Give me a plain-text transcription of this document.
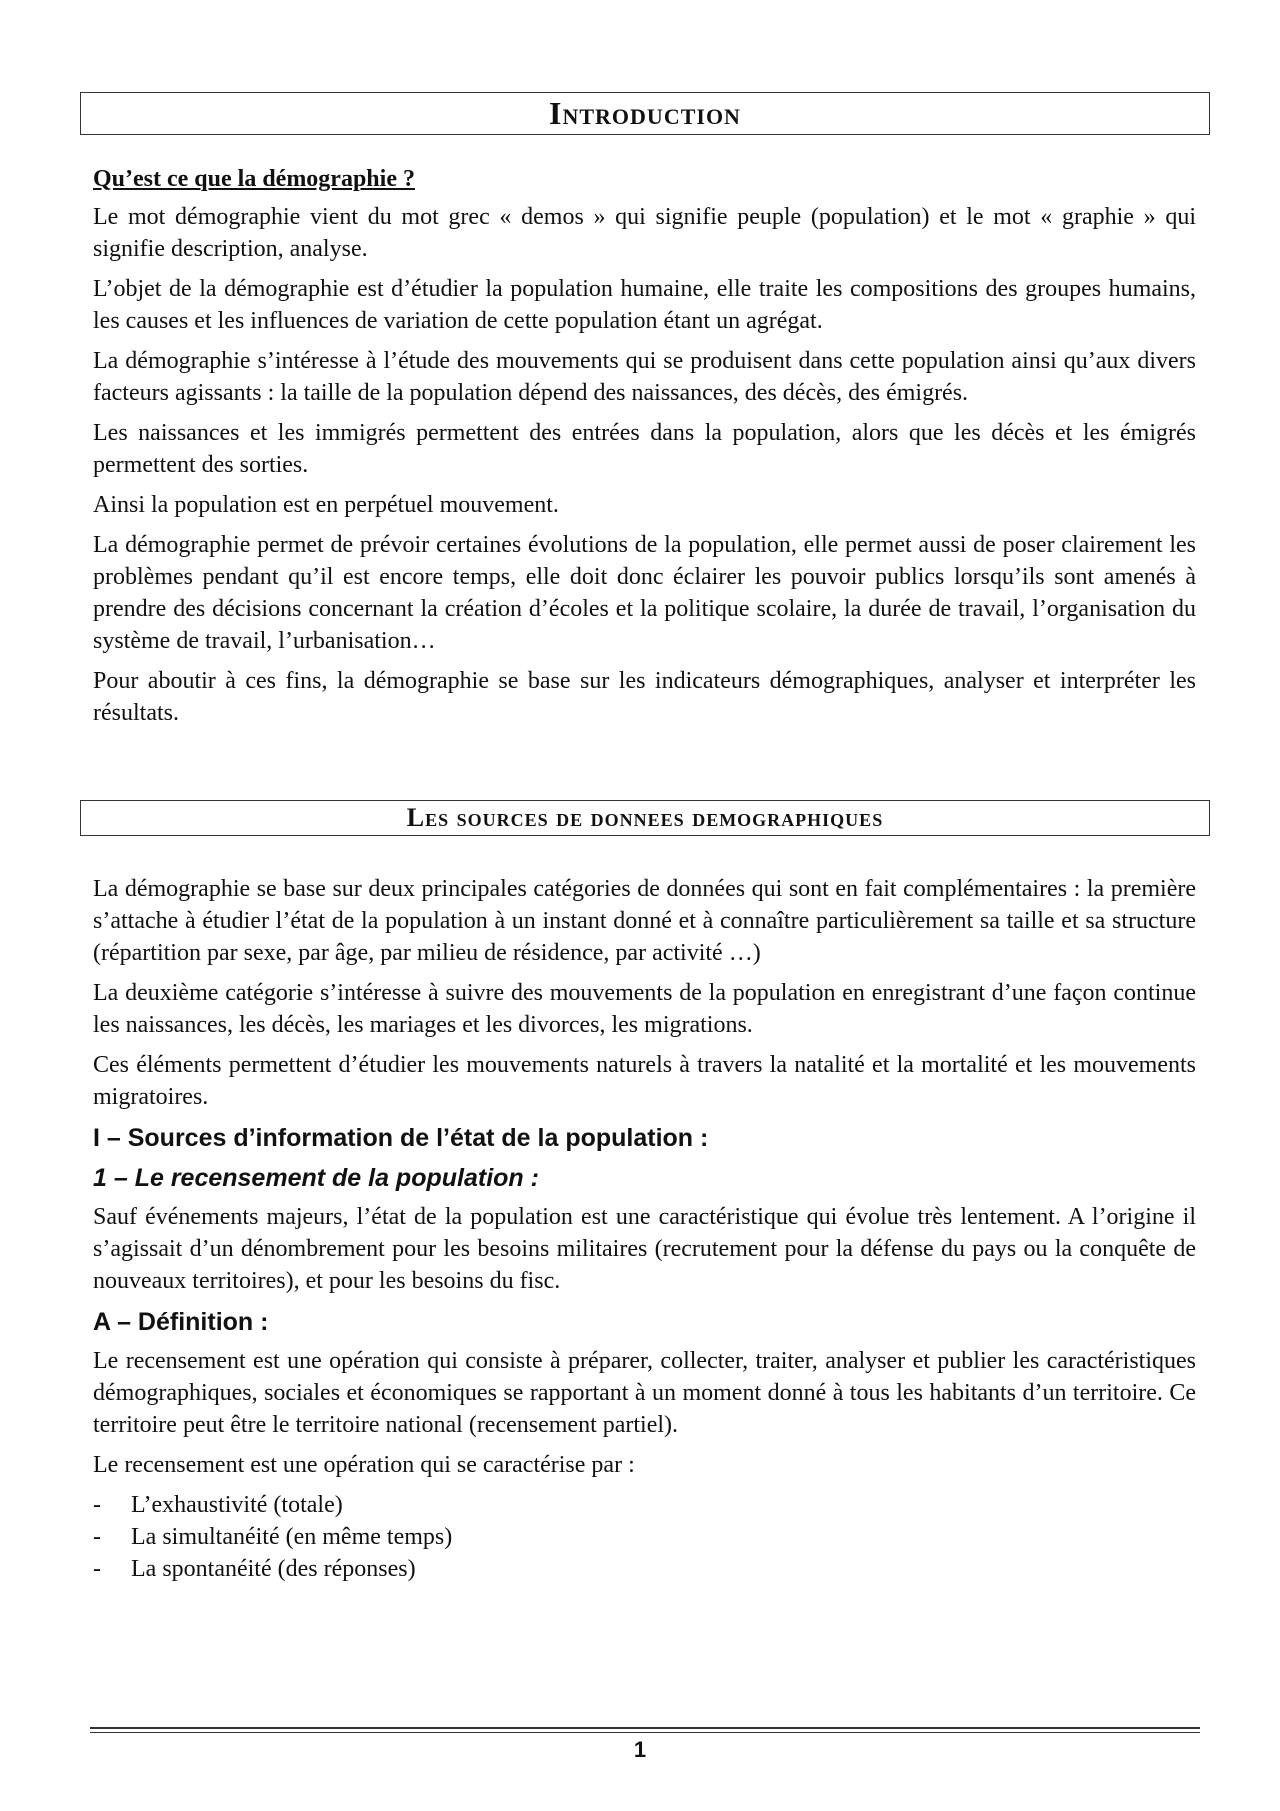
Introduction

Qu’est ce que la démographie ?

Le mot démographie vient du mot grec « demos » qui signifie peuple (population) et le mot « graphie » qui signifie description, analyse.

L’objet de la démographie est d’étudier la population humaine, elle traite les compositions des groupes humains, les causes et les influences de variation de cette population étant un agrégat.

La démographie s’intéresse à l’étude des mouvements qui se produisent dans cette population ainsi qu’aux divers facteurs agissants : la taille de la population dépend des naissances, des décès, des émigrés.

Les naissances et les immigrés permettent des entrées dans la population, alors que les décès et les émigrés permettent des sorties.

Ainsi la population est en perpétuel mouvement.

La démographie permet de prévoir certaines évolutions de la population, elle permet aussi de poser clairement les problèmes pendant qu’il est encore temps, elle doit donc éclairer les pouvoir publics lorsqu’ils sont amenés à prendre des décisions concernant la création d’écoles et la politique scolaire, la durée de travail, l’organisation du système de travail, l’urbanisation…

Pour aboutir à ces fins, la démographie se base sur les indicateurs démographiques, analyser et interpréter les résultats.

Les sources de donnees demographiques

La démographie se base sur deux principales catégories de données qui sont en fait complémentaires : la première s’attache à étudier l’état de la population à un instant donné et à connaître particulièrement sa taille et sa structure (répartition par sexe, par âge, par milieu de résidence, par activité …)

La deuxième catégorie s’intéresse à suivre des mouvements de la population en enregistrant d’une façon continue les naissances, les décès, les mariages et les divorces, les migrations.

Ces éléments permettent d’étudier les mouvements naturels à travers la natalité et la mortalité et les mouvements migratoires.

I – Sources d’information de l’état de la population :
1 – Le recensement de la population :

Sauf événements majeurs, l’état de la population est une caractéristique qui évolue très lentement. A l’origine il s’agissait d’un dénombrement pour les besoins militaires (recrutement pour la défense du pays ou la conquête de nouveaux territoires), et pour les besoins du fisc.

A – Définition :

Le recensement est une opération qui consiste à préparer, collecter, traiter, analyser et publier les caractéristiques démographiques, sociales et économiques se rapportant à un moment donné à tous les habitants d’un territoire. Ce territoire peut être le territoire national (recensement partiel).

Le recensement est une opération qui se caractérise par :

- L’exhaustivité (totale)
- La simultanéité (en même temps)
- La spontanéité (des réponses)
1
